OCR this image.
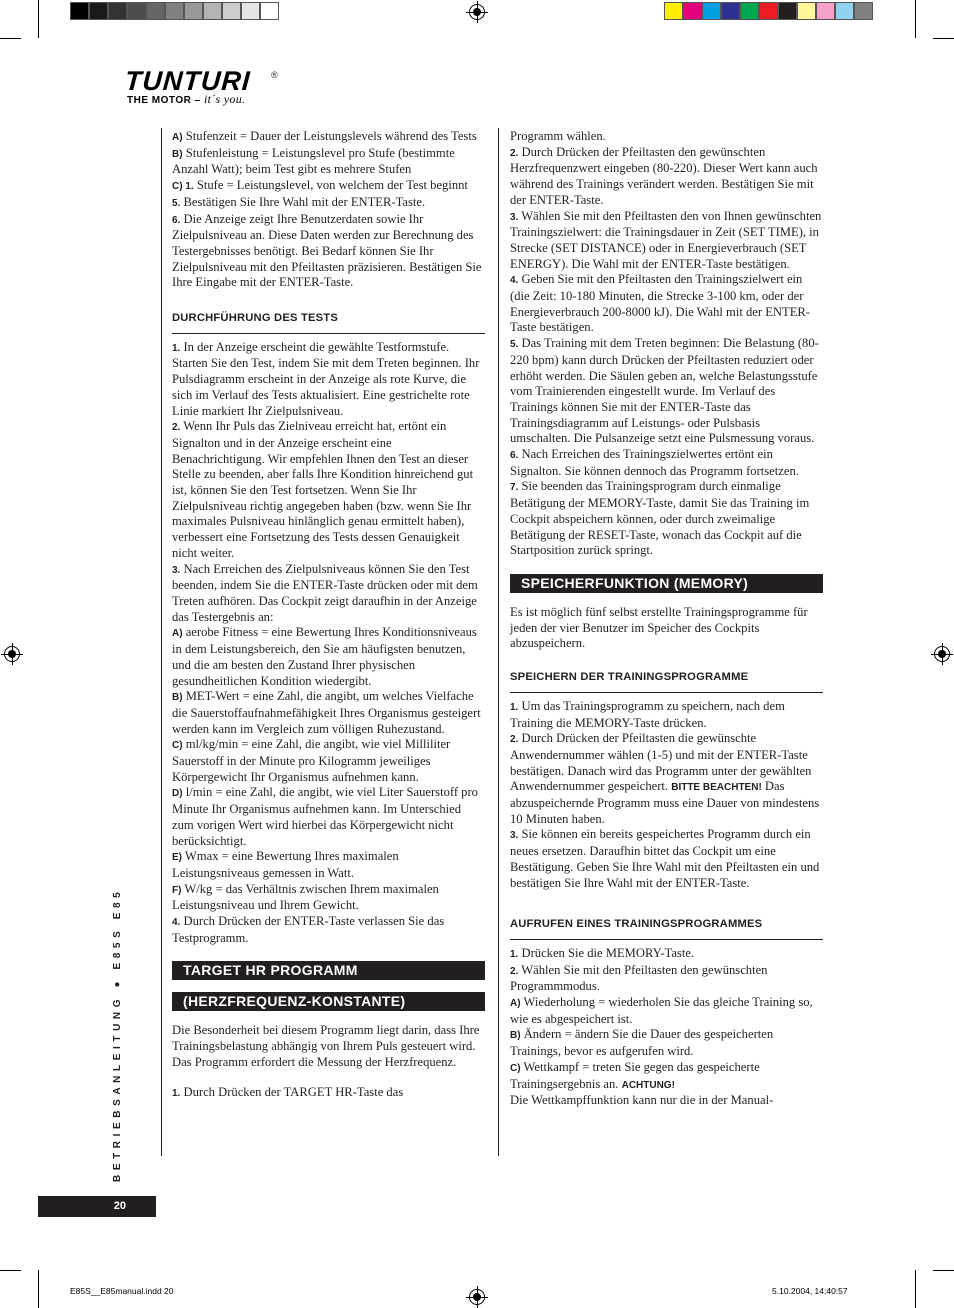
TUNTURI ®
THE MOTOR – it´s you.

A) Stufenzeit = Dauer der Leistungslevels während des Tests

B) Stufenleistung = Leistungslevel pro Stufe (bestimmte Anzahl Watt); beim Test gibt es mehrere Stufen

C) 1. Stufe = Leistungslevel, von welchem der Test beginnt

5. Bestätigen Sie Ihre Wahl mit der ENTER-Taste.

6. Die Anzeige zeigt Ihre Benutzerdaten sowie Ihr Zielpulsniveau an. Diese Daten werden zur Berechnung des Testergebnisses benötigt. Bei Bedarf können Sie Ihr Zielpulsniveau mit den Pfeiltasten präzisieren. Bestätigen Sie Ihre Eingabe mit der ENTER-Taste.

DURCHFÜHRUNG DES TESTS

1. In der Anzeige erscheint die gewählte Testformstufe. Starten Sie den Test, indem Sie mit dem Treten beginnen. Ihr Pulsdiagramm erscheint in der Anzeige als rote Kurve, die sich im Verlauf des Tests aktualisiert. Eine gestrichelte rote Linie markiert Ihr Zielpulsniveau.

2. Wenn Ihr Puls das Zielniveau erreicht hat, ertönt ein Signalton und in der Anzeige erscheint eine Benachrichtigung. Wir empfehlen Ihnen den Test an dieser Stelle zu beenden, aber falls Ihre Kondition hinreichend gut ist, können Sie den Test fortsetzen. Wenn Sie Ihr Zielpulsniveau richtig angegeben haben (bzw. wenn Sie Ihr maximales Pulsniveau hinlänglich genau ermittelt haben), verbessert eine Fortsetzung des Tests dessen Genauigkeit nicht weiter.

3. Nach Erreichen des Zielpulsniveaus können Sie den Test beenden, indem Sie die ENTER-Taste drücken oder mit dem Treten aufhören. Das Cockpit zeigt daraufhin in der Anzeige das Testergebnis an:

A) aerobe Fitness = eine Bewertung Ihres Konditionsniveaus in dem Leistungsbereich, den Sie am häufigsten benutzen, und die am besten den Zustand Ihrer physischen gesundheitlichen Kondition wiedergibt.

B) MET-Wert = eine Zahl, die angibt, um welches Vielfache die Sauerstoffaufnahmefähigkeit Ihres Organismus gesteigert werden kann im Vergleich zum völligen Ruhezustand.

C) ml/kg/min = eine Zahl, die angibt, wie viel Milliliter Sauerstoff in der Minute pro Kilogramm jeweiliges Körpergewicht Ihr Organismus aufnehmen kann.

D) l/min = eine Zahl, die angibt, wie viel Liter Sauerstoff pro Minute Ihr Organismus aufnehmen kann. Im Unterschied zum vorigen Wert wird hierbei das Körpergewicht nicht berücksichtigt.

E) Wmax = eine Bewertung Ihres maximalen Leistungsniveaus gemessen in Watt.

F) W/kg = das Verhältnis zwischen Ihrem maximalen Leistungsniveau und Ihrem Gewicht.

4. Durch Drücken der ENTER-Taste verlassen Sie das Testprogramm.

TARGET HR PROGRAMM
(HERZFREQUENZ-KONSTANTE)

Die Besonderheit bei diesem Programm liegt darin, dass Ihre Trainingsbelastung abhängig von Ihrem Puls gesteuert wird. Das Programm erfordert die Messung der Herzfrequenz.

1. Durch Drücken der TARGET HR-Taste das

Programm wählen.

2. Durch Drücken der Pfeiltasten den gewünschten Herzfrequenzwert eingeben (80-220). Dieser Wert kann auch während des Trainings verändert werden. Bestätigen Sie mit der ENTER-Taste.

3. Wählen Sie mit den Pfeiltasten den von Ihnen gewünschten Trainingszielwert: die Trainingsdauer in Zeit (SET TIME), in Strecke (SET DISTANCE) oder in Energieverbrauch (SET ENERGY). Die Wahl mit der ENTER-Taste bestätigen.

4. Geben Sie mit den Pfeiltasten den Trainingszielwert ein (die Zeit: 10-180 Minuten, die Strecke 3-100 km, oder der Energieverbrauch 200-8000 kJ). Die Wahl mit der ENTER-Taste bestätigen.

5. Das Training mit dem Treten beginnen: Die Belastung (80-220 bpm) kann durch Drücken der Pfeiltasten reduziert oder erhöht werden. Die Säulen geben an, welche Belastungsstufe vom Trainierenden eingestellt wurde. Im Verlauf des Trainings können Sie mit der ENTER-Taste das Trainingsdiagramm auf Leistungs- oder Pulsbasis umschalten. Die Pulsanzeige setzt eine Pulsmessung voraus.

6. Nach Erreichen des Trainingszielwertes ertönt ein Signalton. Sie können dennoch das Programm fortsetzen.

7. Sie beenden das Trainingsprogram durch einmalige Betätigung der MEMORY-Taste, damit Sie das Training im Cockpit abspeichern können, oder durch zweimalige Betätigung der RESET-Taste, wonach das Cockpit auf die Startposition zurück springt.

SPEICHERFUNKTION (MEMORY)

Es ist möglich fünf selbst erstellte Trainingsprogramme für jeden der vier Benutzer im Speicher des Cockpits abzuspeichern.

SPEICHERN DER TRAININGSPROGRAMME

1. Um das Trainingsprogramm zu speichern, nach dem Training die MEMORY-Taste drücken.

2. Durch Drücken der Pfeiltasten die gewünschte Anwendernummer wählen (1-5) und mit der ENTER-Taste bestätigen. Danach wird das Programm unter der gewählten Anwendernummer gespeichert. BITTE BEACHTEN! Das abzuspeichernde Programm muss eine Dauer von mindestens 10 Minuten haben.

3. Sie können ein bereits gespeichertes Programm durch ein neues ersetzen. Daraufhin bittet das Cockpit um eine Bestätigung. Geben Sie Ihre Wahl mit den Pfeiltasten ein und bestätigen Sie Ihre Wahl mit der ENTER-Taste.

AUFRUFEN EINES TRAININGSPROGRAMMES

1. Drücken Sie die MEMORY-Taste.

2. Wählen Sie mit den Pfeiltasten den gewünschten Programmmodus.

A) Wiederholung = wiederholen Sie das gleiche Training so, wie es abgespeichert ist.

B) Ändern = ändern Sie die Dauer des gespeicherten Trainings, bevor es aufgerufen wird.

C) Wettkampf = treten Sie gegen das gespeicherte Trainingsergebnis an. ACHTUNG!

Die Wettkampffunktion kann nur die in der Manual-

BETRIEBSANLEITUNG ● E85S E85
20
E85S__E85manual.indd 20	5.10.2004, 14:40:57
